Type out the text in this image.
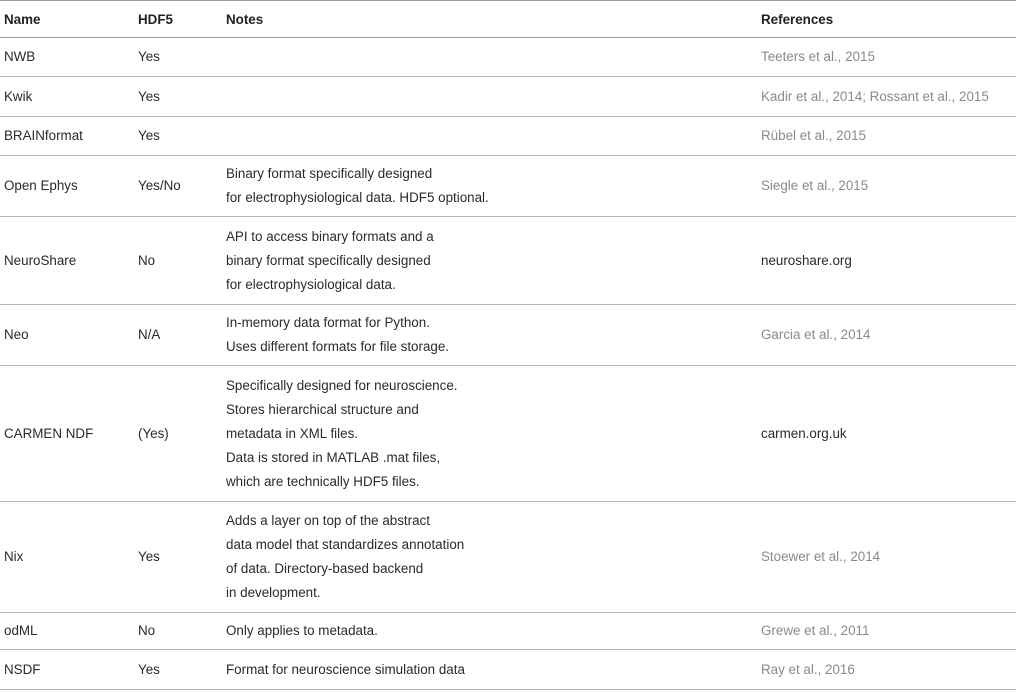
Name	HDF5	Notes	References
NWB	Yes		Teeters et al., 2015
Kwik	Yes		Kadir et al., 2014; Rossant et al., 2015
BRAINformat	Yes		Rübel et al., 2015
Open Ephys	Yes/No	Binary format specifically designed
for electrophysiological data. HDF5 optional.	Siegle et al., 2015
NeuroShare	No	API to access binary formats and a
binary format specifically designed
for electrophysiological data.	neuroshare.org
Neo	N/A	In-memory data format for Python.
Uses different formats for file storage.	Garcia et al., 2014
CARMEN NDF	(Yes)	Specifically designed for neuroscience.
Stores hierarchical structure and
metadata in XML files.
Data is stored in MATLAB .mat files,
which are technically HDF5 files.	carmen.org.uk
Nix	Yes	Adds a layer on top of the abstract
data model that standardizes annotation
of data. Directory-based backend
in development.	Stoewer et al., 2014
odML	No	Only applies to metadata.	Grewe et al., 2011
NSDF	Yes	Format for neuroscience simulation data	Ray et al., 2016
